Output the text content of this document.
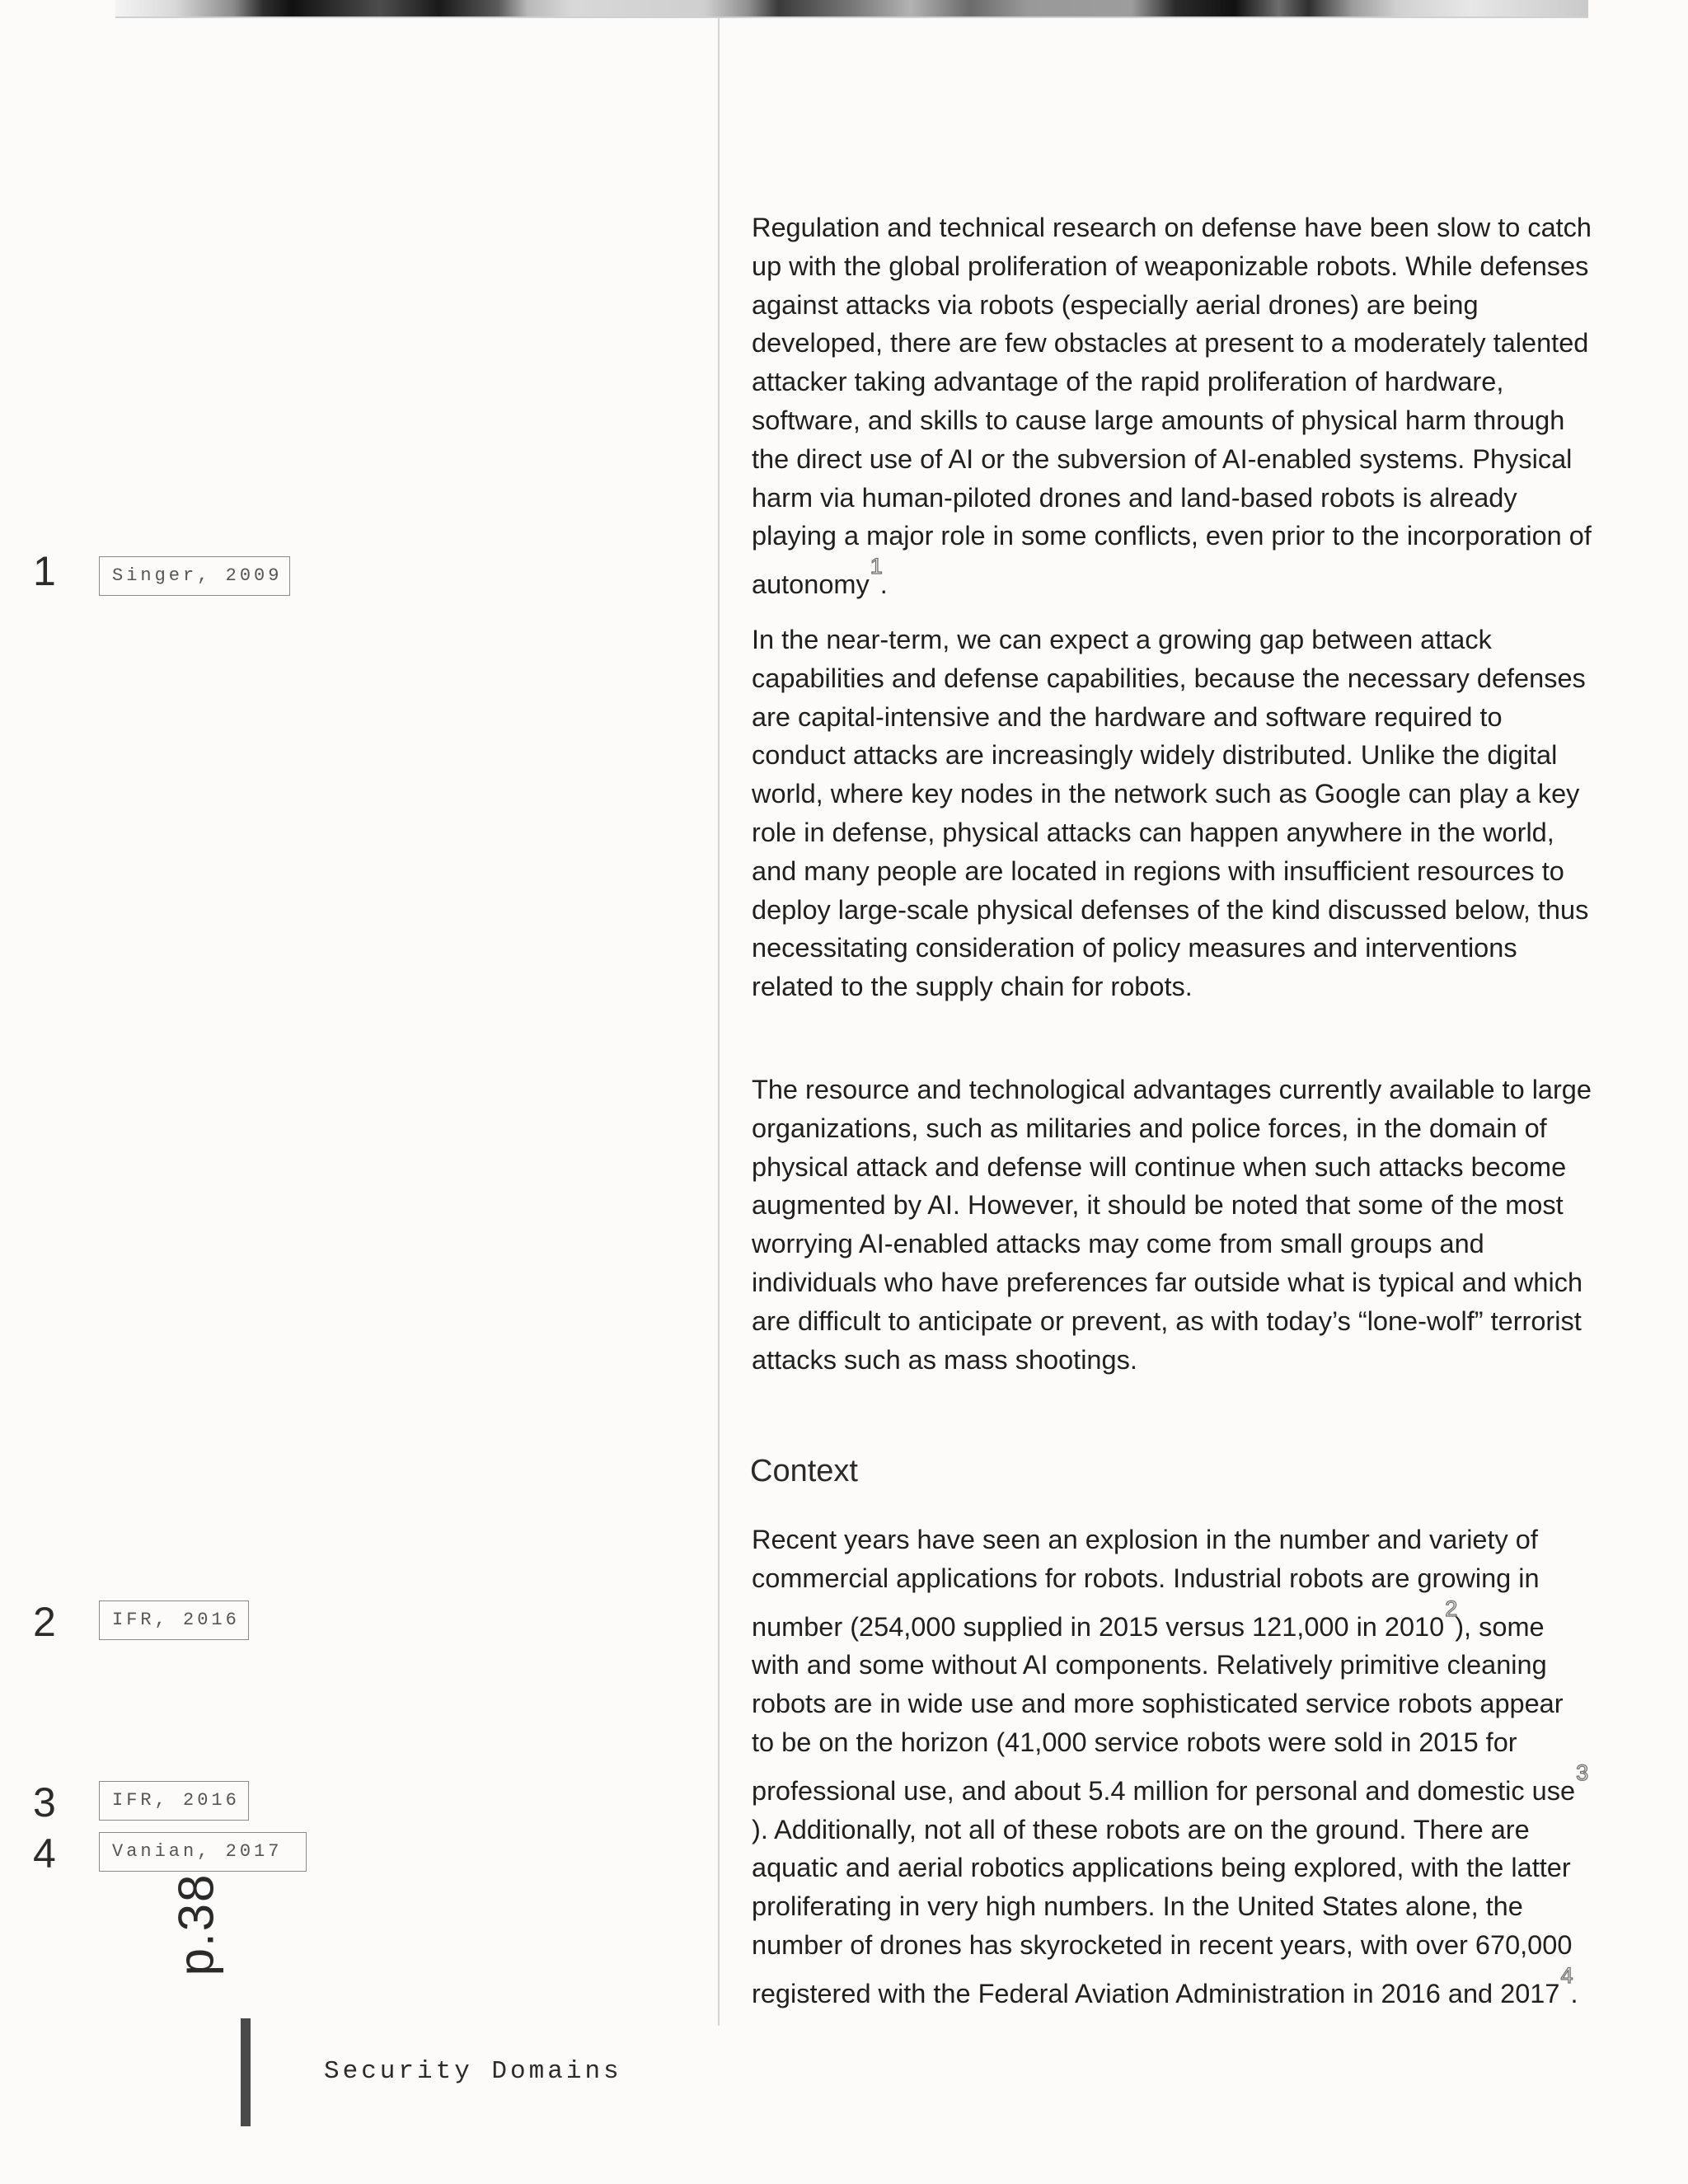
1	Singer, 2009
2	IFR, 2016
3	IFR, 2016
4	Vanian, 2017

Regulation and technical research on defense have been slow to catch up with the global proliferation of weaponizable robots. While defenses against attacks via robots (especially aerial drones) are being developed, there are few obstacles at present to a moderately talented attacker taking advantage of the rapid proliferation of hardware, software, and skills to cause large amounts of physical harm through the direct use of AI or the subversion of AI-enabled systems. Physical harm via human-piloted drones and land-based robots is already playing a major role in some conflicts, even prior to the incorporation of autonomy$^1$.

In the near-term, we can expect a growing gap between attack capabilities and defense capabilities, because the necessary defenses are capital-intensive and the hardware and software required to conduct attacks are increasingly widely distributed. Unlike the digital world, where key nodes in the network such as Google can play a key role in defense, physical attacks can happen anywhere in the world, and many people are located in regions with insufficient resources to deploy large-scale physical defenses of the kind discussed below, thus necessitating consideration of policy measures and interventions related to the supply chain for robots.

The resource and technological advantages currently available to large organizations, such as militaries and police forces, in the domain of physical attack and defense will continue when such attacks become augmented by AI. However, it should be noted that some of the most worrying AI-enabled attacks may come from small groups and individuals who have preferences far outside what is typical and which are difficult to anticipate or prevent, as with today’s “lone-wolf” terrorist attacks such as mass shootings.

Context

Recent years have seen an explosion in the number and variety of commercial applications for robots. Industrial robots are growing in number (254,000 supplied in 2015 versus 121,000 in 2010$^2$), some with and some without AI components. Relatively primitive cleaning robots are in wide use and more sophisticated service robots appear to be on the horizon (41,000 service robots were sold in 2015 for professional use, and about 5.4 million for personal and domestic use$^3$). Additionally, not all of these robots are on the ground. There are aquatic and aerial robotics applications being explored, with the latter proliferating in very high numbers. In the United States alone, the number of drones has skyrocketed in recent years, with over 670,000 registered with the Federal Aviation Administration in 2016 and 2017$^4$.

p.38
Security Domains
